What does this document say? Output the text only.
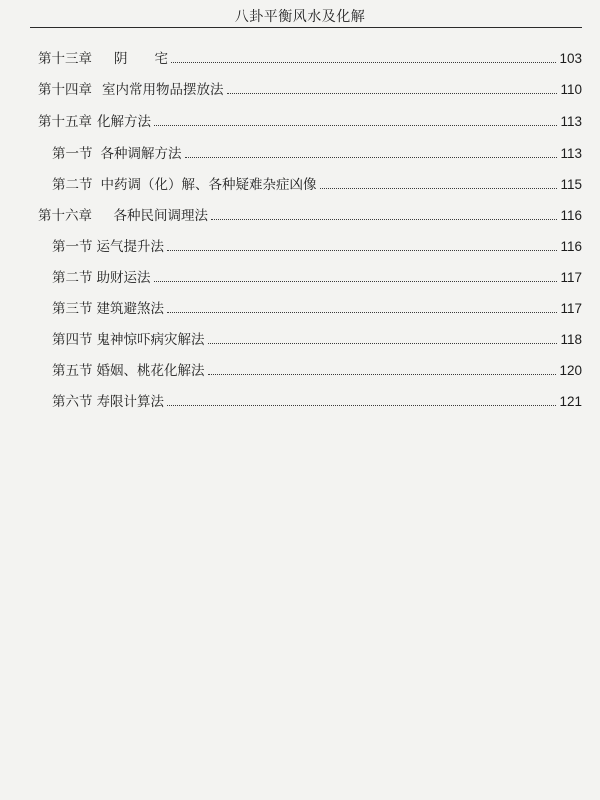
八卦平衡风水及化解
第十三章 阴　　宅	103
第十四章 室内常用物品摆放法	110
第十五章 化解方法	113
第一节 各种调解方法	113
第二节 中药调（化）解、各种疑难杂症凶像	115
第十六章 　各种民间调理法	116
第一节 运气提升法	116
第二节 助财运法	117
第三节 建筑避煞法	117
第四节 鬼神惊吓病灾解法	118
第五节 婚姻、桃花化解法	120
第六节 寿限计算法	121
